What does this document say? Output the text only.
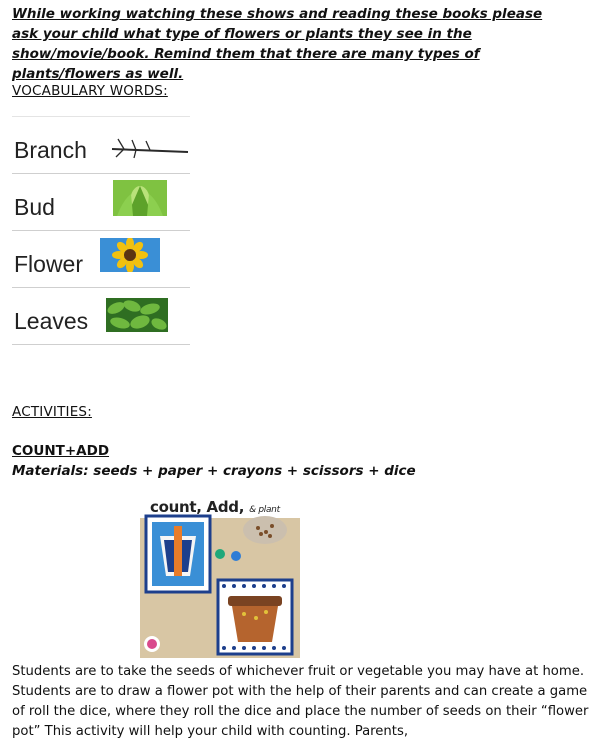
While working watching these shows and reading these books please ask your child what type of flowers or plants they see in the show/movie/book. Remind them that there are many types of plants/flowers as well.
VOCABULARY WORDS:
Branch
Bud
Flower
Leaves
ACTIVITIES:
COUNT+ADD
Materials: seeds + paper + crayons + scissors + dice
count, Add, & plant
Students are to take the seeds of whichever fruit or vegetable you may have at home. Students are to draw a flower pot with the help of their parents and can create a game of roll the dice, where they roll the dice and place the number of seeds on their “flower pot” This activity will help your child with counting. Parents,
